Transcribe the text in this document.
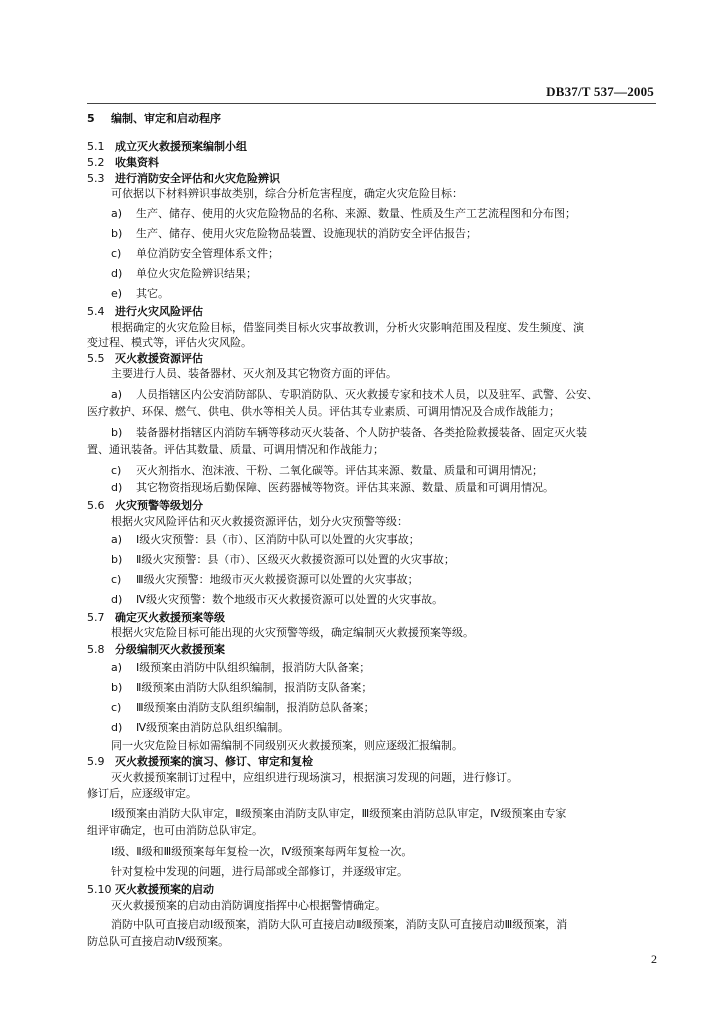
DB37/T 537—2005
5 编制、审定和启动程序
5.1 成立灭火救援预案编制小组
5.2 收集资料
5.3 进行消防安全评估和火灾危险辨识
可依据以下材料辨识事故类别，综合分析危害程度，确定火灾危险目标：
a) 生产、储存、使用的火灾危险物品的名称、来源、数量、性质及生产工艺流程图和分布图；
b) 生产、储存、使用火灾危险物品装置、设施现状的消防安全评估报告；
c) 单位消防安全管理体系文件；
d) 单位火灾危险辨识结果；
e) 其它。
5.4 进行火灾风险评估
根据确定的火灾危险目标，借鉴同类目标火灾事故教训，分析火灾影响范围及程度、发生频度、演
变过程、模式等，评估火灾风险。
5.5 灭火救援资源评估
主要进行人员、装备器材、灭火剂及其它物资方面的评估。
a) 人员指辖区内公安消防部队、专职消防队、灭火救援专家和技术人员，以及驻军、武警、公安、
医疗救护、环保、燃气、供电、供水等相关人员。评估其专业素质、可调用情况及合成作战能力；
b) 装备器材指辖区内消防车辆等移动灭火装备、个人防护装备、各类抢险救援装备、固定灭火装
置、通讯装备。评估其数量、质量、可调用情况和作战能力；
c) 灭火剂指水、泡沫液、干粉、二氧化碳等。评估其来源、数量、质量和可调用情况；
d) 其它物资指现场后勤保障、医药器械等物资。评估其来源、数量、质量和可调用情况。
5.6 火灾预警等级划分
根据火灾风险评估和灭火救援资源评估，划分火灾预警等级：
a) Ⅰ级火灾预警：县（市）、区消防中队可以处置的火灾事故；
b) Ⅱ级火灾预警：县（市）、区级灭火救援资源可以处置的火灾事故；
c) Ⅲ级火灾预警：地级市灭火救援资源可以处置的火灾事故；
d) Ⅳ级火灾预警：数个地级市灭火救援资源可以处置的火灾事故。
5.7 确定灭火救援预案等级
根据火灾危险目标可能出现的火灾预警等级，确定编制灭火救援预案等级。
5.8 分级编制灭火救援预案
a) Ⅰ级预案由消防中队组织编制，报消防大队备案；
b) Ⅱ级预案由消防大队组织编制，报消防支队备案；
c) Ⅲ级预案由消防支队组织编制，报消防总队备案；
d) Ⅳ级预案由消防总队组织编制。
同一火灾危险目标如需编制不同级别灭火救援预案，则应逐级汇报编制。
5.9 灭火救援预案的演习、修订、审定和复检
灭火救援预案制订过程中，应组织进行现场演习，根据演习发现的问题，进行修订。
修订后，应逐级审定。
Ⅰ级预案由消防大队审定，Ⅱ级预案由消防支队审定，Ⅲ级预案由消防总队审定，Ⅳ级预案由专家
组评审确定，也可由消防总队审定。
Ⅰ级、Ⅱ级和Ⅲ级预案每年复检一次，Ⅳ级预案每两年复检一次。
针对复检中发现的问题，进行局部或全部修订，并逐级审定。
5.10 灭火救援预案的启动
灭火救援预案的启动由消防调度指挥中心根据警情确定。
消防中队可直接启动Ⅰ级预案，消防大队可直接启动Ⅱ级预案，消防支队可直接启动Ⅲ级预案，消
防总队可直接启动Ⅳ级预案。
2
